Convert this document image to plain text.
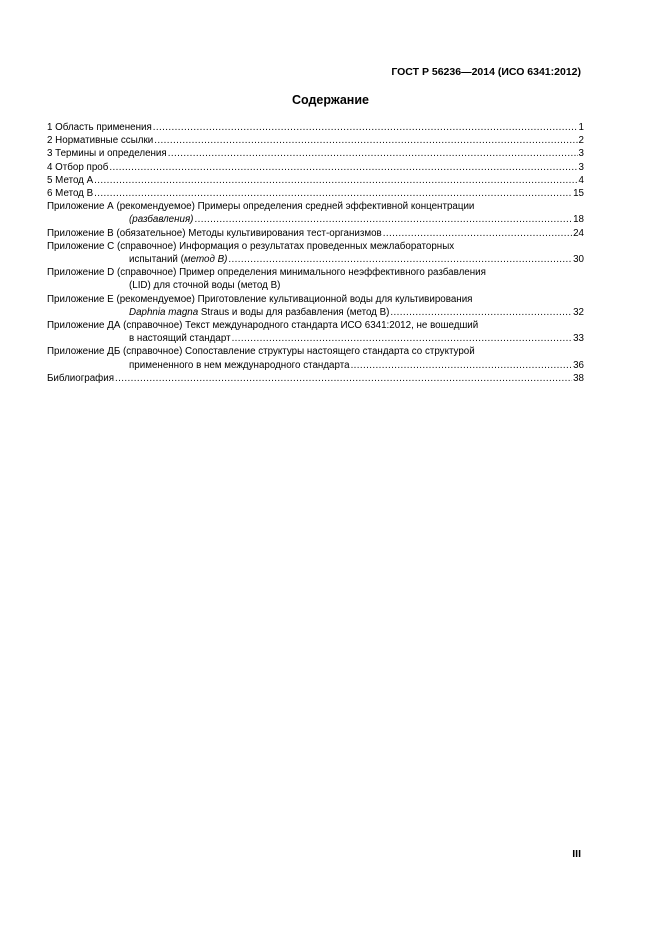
ГОСТ Р 56236—2014 (ИСО 6341:2012)
Содержание
1 Область применения .....	1
2 Нормативные ссылки .....	2
3 Термины и определения .....	3
4 Отбор проб .....	3
5 Метод А .....	4
6 Метод В .....	15
Приложение А (рекомендуемое) Примеры определения средней эффективной концентрации
(разбавления) .....	18
Приложение В (обязательное) Методы культивирования тест-организмов .....	24
Приложение С (справочное) Информация о результатах проведенных межлабораторных
испытаний (метод В) .....	30
Приложение D (справочное) Пример определения минимального неэффективного разбавления
(LID) для сточной воды (метод В)
Приложение E (рекомендуемое) Приготовление культивационной воды для культивирования
Daphnia magna Straus и воды для разбавления (метод В) .....	32
Приложение ДА (справочное) Текст международного стандарта ИСО 6341:2012, не вошедший
в настоящий стандарт .....	33
Приложение ДБ (справочное) Сопоставление структуры настоящего стандарта со структурой
примененного в нем международного стандарта .....	36
Библиография .....	38
III
